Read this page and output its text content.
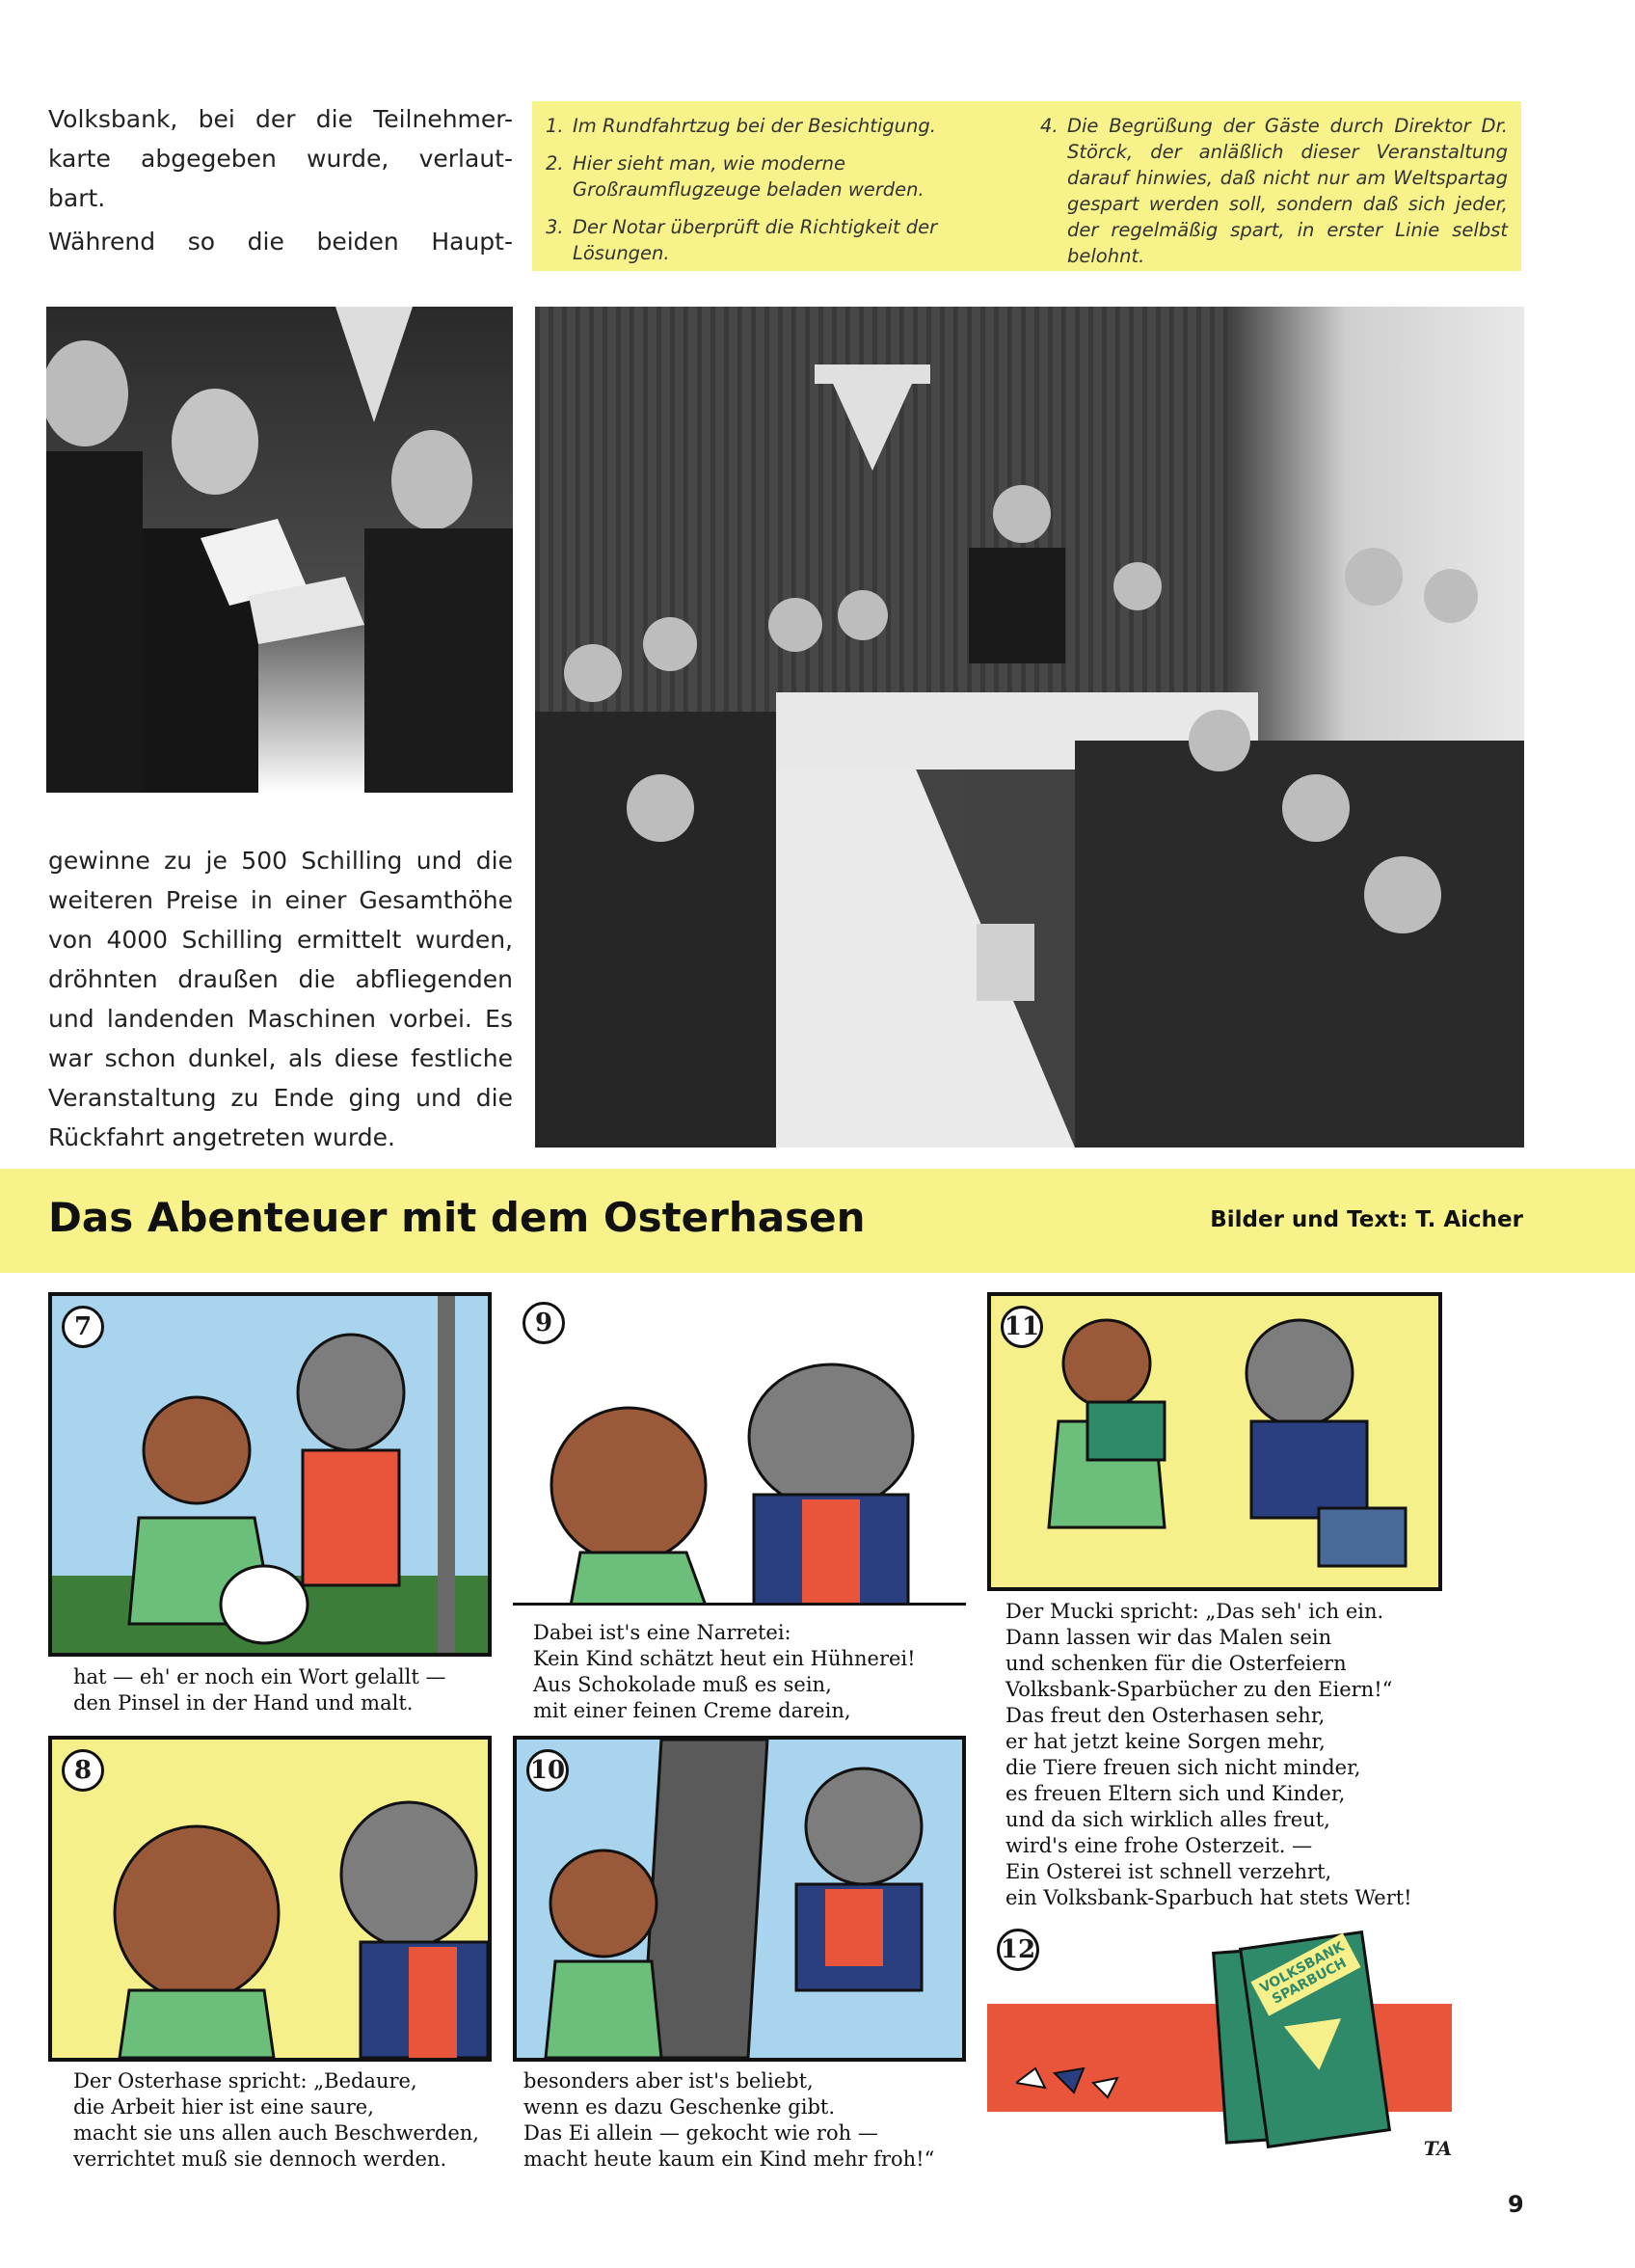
Volksbank, bei der die Teilnehmer-
karte abgegeben wurde, verlaut-
bart.
Während so die beiden Haupt-
1. Im Rundfahrtzug bei der Besichtigung.
2. Hier sieht man, wie moderne Großraumflugzeuge beladen werden.
3. Der Notar überprüft die Richtigkeit der Lösungen.
4. Die Begrüßung der Gäste durch Direktor Dr. Störck, der anläßlich dieser Veranstaltung darauf hinwies, daß nicht nur am Weltspartag gespart werden soll, sondern daß sich jeder, der regelmäßig spart, in erster Linie selbst belohnt.
gewinne zu je 500 Schilling und die
weiteren Preise in einer Gesamthöhe
von 4000 Schilling ermittelt wurden,
dröhnten draußen die abfliegenden
und landenden Maschinen vorbei. Es
war schon dunkel, als diese festliche
Veranstaltung zu Ende ging und die
Rückfahrt angetreten wurde.
Das Abenteuer mit dem Osterhasen	Bilder und Text: T. Aicher
7
hat — eh' er noch ein Wort gelallt —
den Pinsel in der Hand und malt.
9
Dabei ist's eine Narretei:
Kein Kind schätzt heut ein Hühnerei!
Aus Schokolade muß es sein,
mit einer feinen Creme darein,
11
Der Mucki spricht: „Das seh' ich ein.
Dann lassen wir das Malen sein
und schenken für die Osterfeiern
Volksbank-Sparbücher zu den Eiern!“
Das freut den Osterhasen sehr,
er hat jetzt keine Sorgen mehr,
die Tiere freuen sich nicht minder,
es freuen Eltern sich und Kinder,
und da sich wirklich alles freut,
wird's eine frohe Osterzeit. —
Ein Osterei ist schnell verzehrt,
ein Volksbank-Sparbuch hat stets Wert!
8
Der Osterhase spricht: „Bedaure,
die Arbeit hier ist eine saure,
macht sie uns allen auch Beschwerden,
verrichtet muß sie dennoch werden.
10
besonders aber ist's beliebt,
wenn es dazu Geschenke gibt.
Das Ei allein — gekocht wie roh —
macht heute kaum ein Kind mehr froh!“
VOLKSBANK SPARBUCH
12
TA
9
